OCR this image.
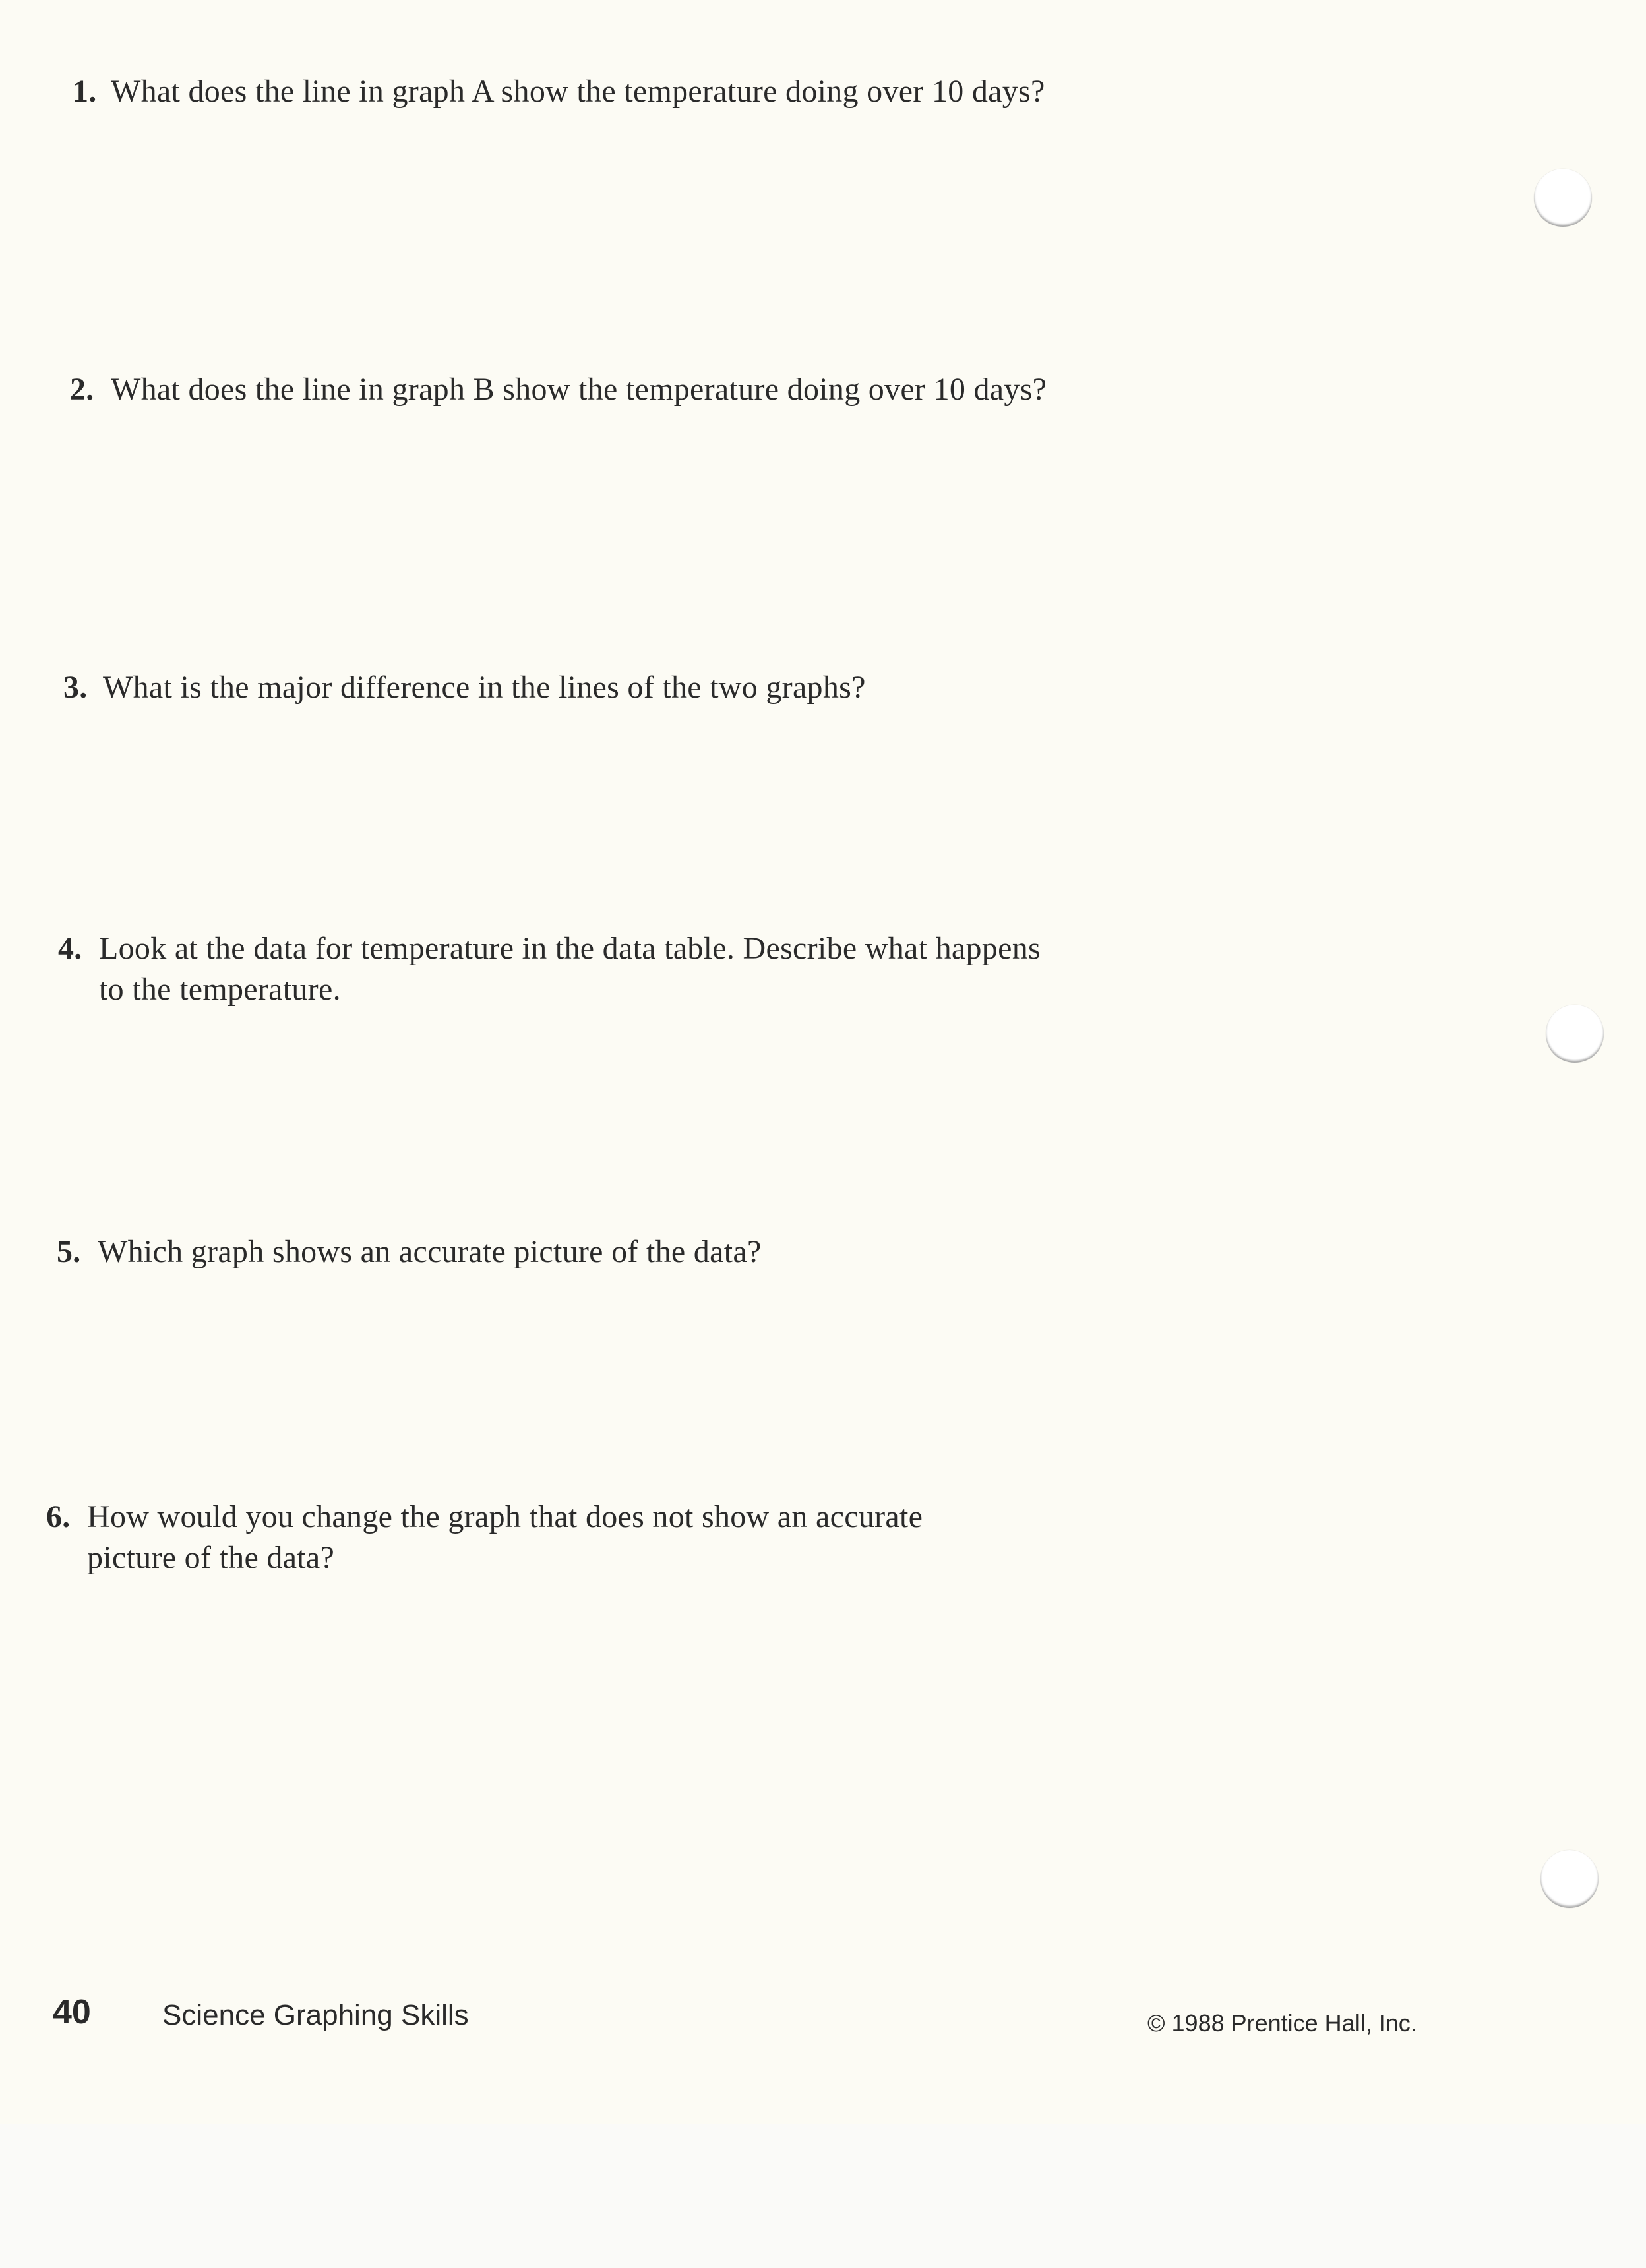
1. What does the line in graph A show the temperature doing over 10 days?
2. What does the line in graph B show the temperature doing over 10 days?
3. What is the major difference in the lines of the two graphs?
4. Look at the data for temperature in the data table. Describe what happens to the temperature.
5. Which graph shows an accurate picture of the data?
6. How would you change the graph that does not show an accurate picture of the data?
40 Science Graphing Skills	© 1988 Prentice Hall, Inc.
